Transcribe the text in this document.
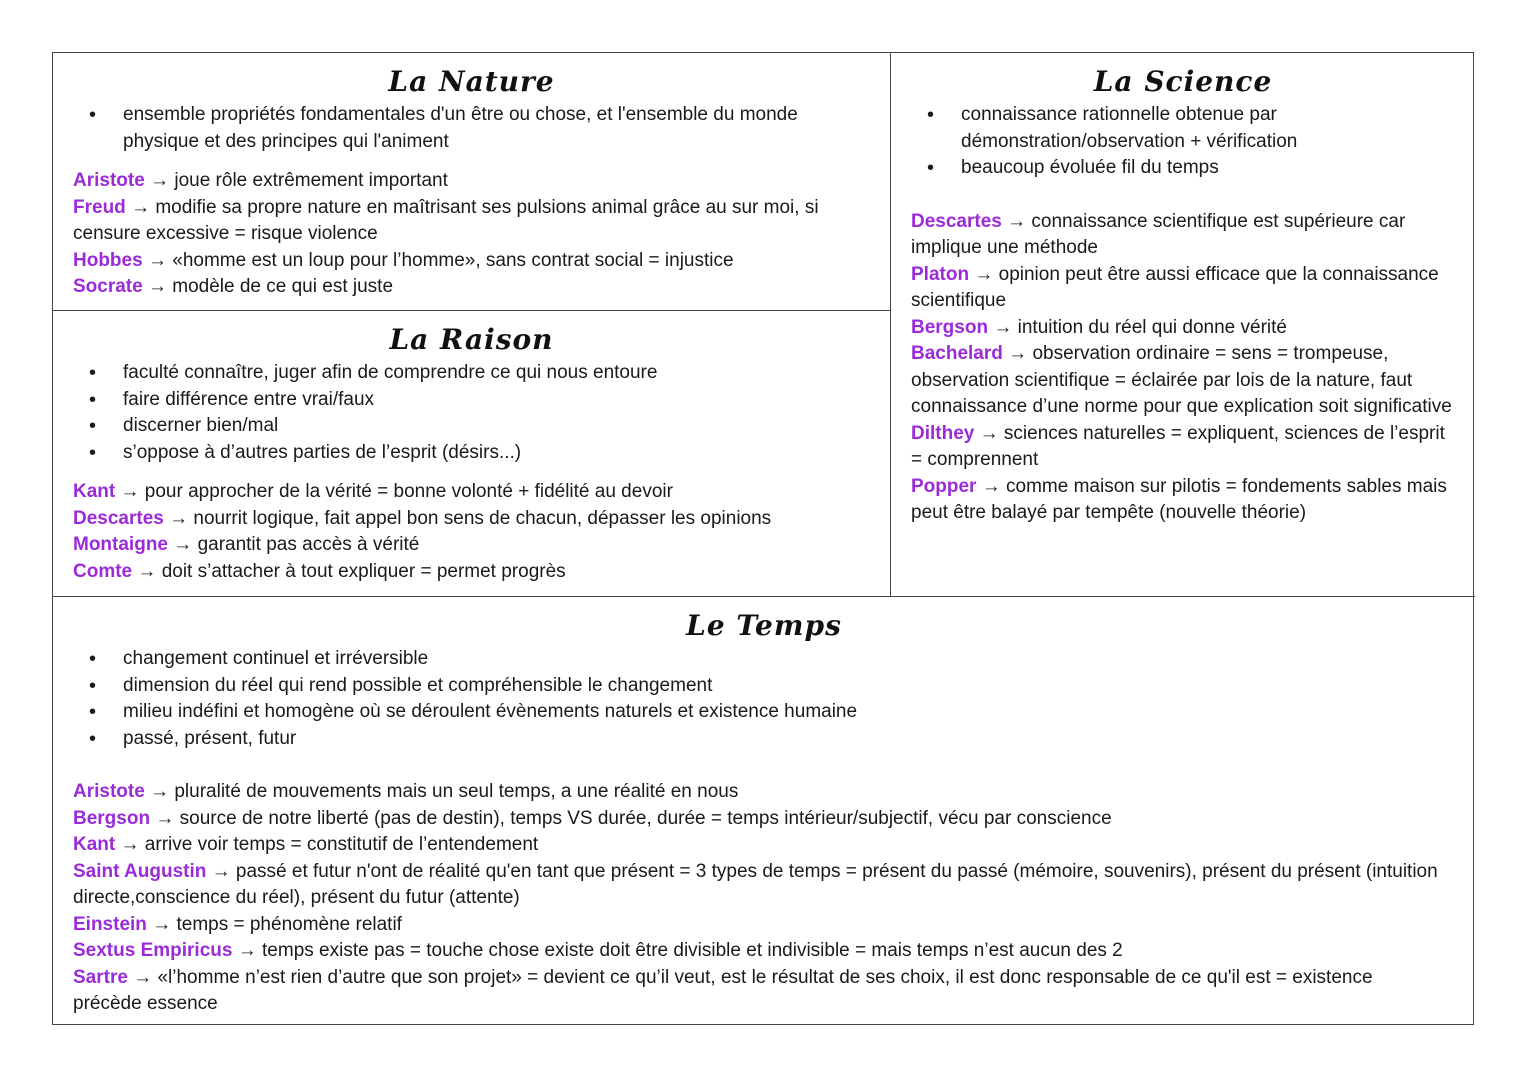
La Nature
• ensemble propriétés fondamentales d'un être ou chose, et l'ensemble du monde physique et des principes qui l'animent

Aristote → joue rôle extrêmement important

Freud → modifie sa propre nature en maîtrisant ses pulsions animal grâce au sur moi, si censure excessive = risque violence

Hobbes → «homme est un loup pour l’homme», sans contrat social = injustice

Socrate → modèle de ce qui est juste

La Raison
• faculté connaître, juger afin de comprendre ce qui nous entoure
• faire différence entre vrai/faux
• discerner bien/mal
• s’oppose à d’autres parties de l’esprit (désirs...)

Kant → pour approcher de la vérité = bonne volonté + fidélité au devoir

Descartes → nourrit logique, fait appel bon sens de chacun, dépasser les opinions

Montaigne → garantit pas accès à vérité

Comte → doit s’attacher à tout expliquer = permet progrès

La Science
• connaissance rationnelle obtenue par démonstration/observation + vérification
• beaucoup évoluée fil du temps

Descartes → connaissance scientifique est supérieure car implique une méthode

Platon → opinion peut être aussi efficace que la connaissance scientifique

Bergson → intuition du réel qui donne vérité

Bachelard → observation ordinaire = sens = trompeuse, observation scientifique = éclairée par lois de la nature, faut connaissance d’une norme pour que explication soit significative

Dilthey → sciences naturelles = expliquent, sciences de l’esprit = comprennent

Popper → comme maison sur pilotis = fondements sables mais peut être balayé par tempête (nouvelle théorie)

Le Temps
• changement continuel et irréversible
• dimension du réel qui rend possible et compréhensible le changement
• milieu indéfini et homogène où se déroulent évènements naturels et existence humaine
• passé, présent, futur

Aristote → pluralité de mouvements mais un seul temps, a une réalité en nous

Bergson → source de notre liberté (pas de destin), temps VS durée, durée = temps intérieur/subjectif, vécu par conscience

Kant → arrive voir temps = constitutif de l’entendement

Saint Augustin → passé et futur n'ont de réalité qu'en tant que présent = 3 types de temps = présent du passé (mémoire, souvenirs), présent du présent (intuition directe,conscience du réel), présent du futur (attente)

Einstein → temps = phénomène relatif

Sextus Empiricus → temps existe pas = touche chose existe doit être divisible et indivisible = mais temps n’est aucun des 2

Sartre → «l’homme n’est rien d’autre que son projet» = devient ce qu’il veut, est le résultat de ses choix, il est donc responsable de ce qu'il est = existence précède essence
